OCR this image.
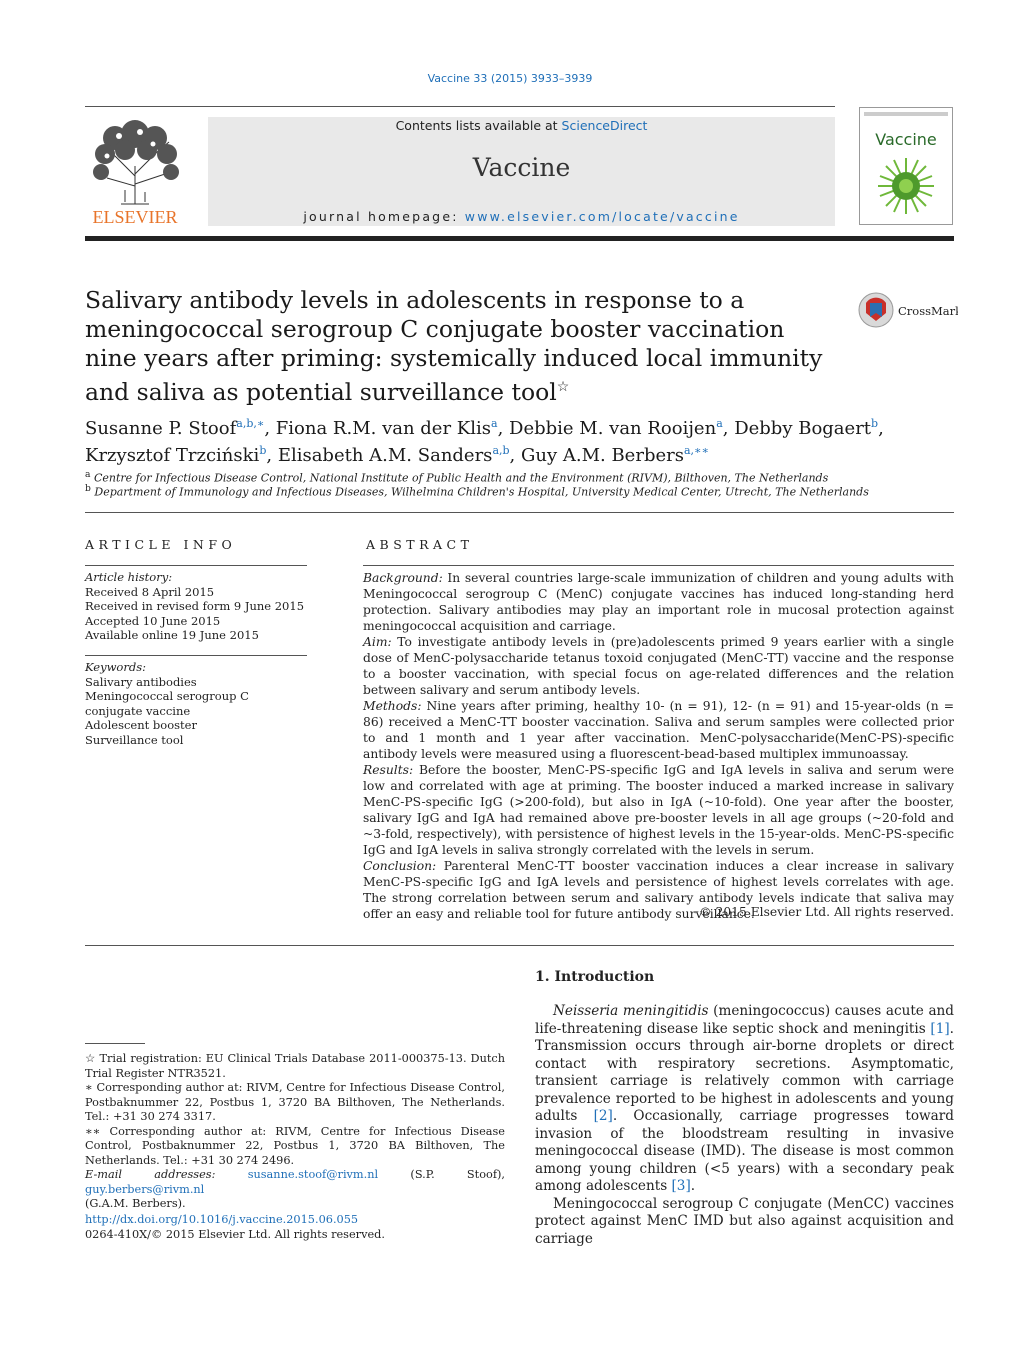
Vaccine 33 (2015) 3933–3939
ELSEVIER
Contents lists available at ScienceDirect
Vaccine
journal homepage: www.elsevier.com/locate/vaccine
Vaccine
Salivary antibody levels in adolescents in response to a meningococcal serogroup C conjugate booster vaccination nine years after priming: systemically induced local immunity and saliva as potential surveillance tool☆
CrossMark
Susanne P. Stoof$^{a,b,∗}$, Fiona R.M. van der Klis$^a$, Debbie M. van Rooijen$^a$, Debby Bogaert$^b$,
Krzysztof Trzciński$^b$, Elisabeth A.M. Sanders$^{a,b}$, Guy A.M. Berbers$^{a,∗∗}$
$^a$ Centre for Infectious Disease Control, National Institute of Public Health and the Environment (RIVM), Bilthoven, The Netherlands
$^b$ Department of Immunology and Infectious Diseases, Wilhelmina Children's Hospital, University Medical Center, Utrecht, The Netherlands
ARTICLE INFO
Article history:
Received 8 April 2015
Received in revised form 9 June 2015
Accepted 10 June 2015
Available online 19 June 2015
Keywords:
Salivary antibodies
Meningococcal serogroup C conjugate vaccine
Adolescent booster
Surveillance tool
ABSTRACT

Background: In several countries large-scale immunization of children and young adults with Meningococcal serogroup C (MenC) conjugate vaccines has induced long-standing herd protection. Salivary antibodies may play an important role in mucosal protection against meningococcal acquisition and carriage.

Aim: To investigate antibody levels in (pre)adolescents primed 9 years earlier with a single dose of MenC-polysaccharide tetanus toxoid conjugated (MenC-TT) vaccine and the response to a booster vaccination, with special focus on age-related differences and the relation between salivary and serum antibody levels.

Methods: Nine years after priming, healthy 10- (n = 91), 12- (n = 91) and 15-year-olds (n = 86) received a MenC-TT booster vaccination. Saliva and serum samples were collected prior to and 1 month and 1 year after vaccination. MenC-polysaccharide(MenC-PS)-specific antibody levels were measured using a fluorescent-bead-based multiplex immunoassay.

Results: Before the booster, MenC-PS-specific IgG and IgA levels in saliva and serum were low and correlated with age at priming. The booster induced a marked increase in salivary MenC-PS-specific IgG (>200-fold), but also in IgA (~10-fold). One year after the booster, salivary IgG and IgA had remained above pre-booster levels in all age groups (~20-fold and ~3-fold, respectively), with persistence of highest levels in the 15-year-olds. MenC-PS-specific IgG and IgA levels in saliva strongly correlated with the levels in serum.

Conclusion: Parenteral MenC-TT booster vaccination induces a clear increase in salivary MenC-PS-specific IgG and IgA levels and persistence of highest levels correlates with age. The strong correlation between serum and salivary antibody levels indicate that saliva may offer an easy and reliable tool for future antibody surveillance.

© 2015 Elsevier Ltd. All rights reserved.

☆ Trial registration: EU Clinical Trials Database 2011-000375-13. Dutch Trial Register NTR3521.

∗ Corresponding author at: RIVM, Centre for Infectious Disease Control, Postbaknummer 22, Postbus 1, 3720 BA Bilthoven, The Netherlands. Tel.: +31 30 274 3317.

∗∗ Corresponding author at: RIVM, Centre for Infectious Disease Control, Postbaknummer 22, Postbus 1, 3720 BA Bilthoven, The Netherlands. Tel.: +31 30 274 2496.

E-mail addresses:	susanne.stoof@rivm.nl (S.P. Stoof), guy.berbers@rivm.nl
(G.A.M. Berbers).

http://dx.doi.org/10.1016/j.vaccine.2015.06.055
0264-410X/© 2015 Elsevier Ltd. All rights reserved.
1. Introduction

Neisseria meningitidis (meningococcus) causes acute and life-threatening disease like septic shock and meningitis [1]. Transmission occurs through air-borne droplets or direct contact with respiratory secretions. Asymptomatic, transient carriage is relatively common with carriage prevalence reported to be highest in adolescents and young adults [2]. Occasionally, carriage progresses toward invasion of the bloodstream resulting in invasive meningococcal disease (IMD). The disease is most common among young children (<5 years) with a secondary peak among adolescents [3].

Meningococcal serogroup C conjugate (MenCC) vaccines protect against MenC IMD but also against acquisition and carriage
